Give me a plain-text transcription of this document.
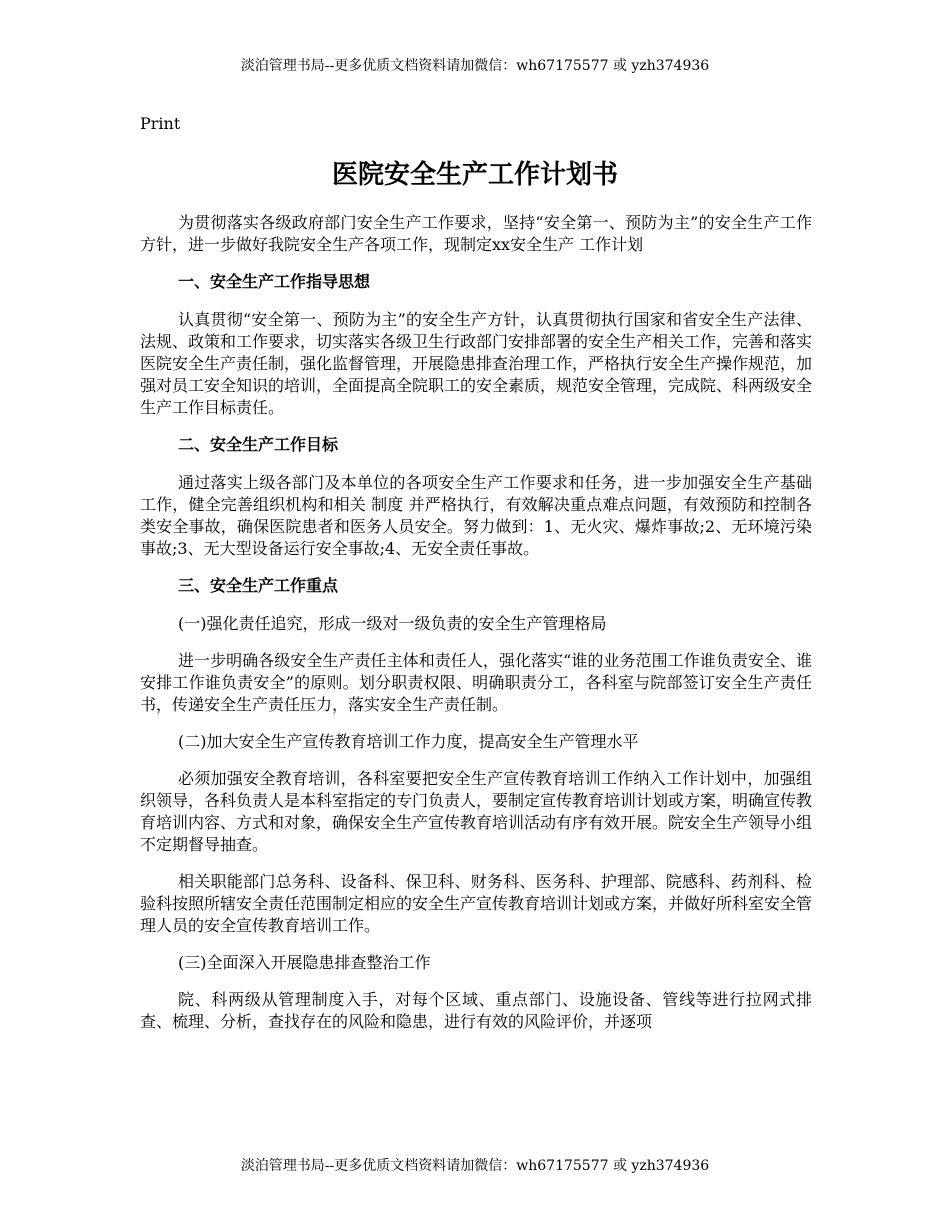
淡泊管理书局--更多优质文档资料请加微信：wh67175577 或 yzh374936
Print
医院安全生产工作计划书

为贯彻落实各级政府部门安全生产工作要求，坚持“安全第一、预防为主”的安全生产工作方针，进一步做好我院安全生产各项工作，现制定xx安全生产 工作计划

一、安全生产工作指导思想

认真贯彻“安全第一、预防为主”的安全生产方针，认真贯彻执行国家和省安全生产法律、法规、政策和工作要求，切实落实各级卫生行政部门安排部署的安全生产相关工作，完善和落实医院安全生产责任制，强化监督管理，开展隐患排查治理工作，严格执行安全生产操作规范，加强对员工安全知识的培训，全面提高全院职工的安全素质，规范安全管理，完成院、科两级安全生产工作目标责任。

二、安全生产工作目标

通过落实上级各部门及本单位的各项安全生产工作要求和任务，进一步加强安全生产基础工作，健全完善组织机构和相关 制度 并严格执行，有效解决重点难点问题，有效预防和控制各类安全事故，确保医院患者和医务人员安全。努力做到：1、无火灾、爆炸事故;2、无环境污染事故;3、无大型设备运行安全事故;4、无安全责任事故。

三、安全生产工作重点

(一)强化责任追究，形成一级对一级负责的安全生产管理格局

进一步明确各级安全生产责任主体和责任人，强化落实“谁的业务范围工作谁负责安全、谁安排工作谁负责安全”的原则。划分职责权限、明确职责分工，各科室与院部签订安全生产责任书，传递安全生产责任压力，落实安全生产责任制。

(二)加大安全生产宣传教育培训工作力度，提高安全生产管理水平

必须加强安全教育培训，各科室要把安全生产宣传教育培训工作纳入工作计划中，加强组织领导，各科负责人是本科室指定的专门负责人，要制定宣传教育培训计划或方案，明确宣传教育培训内容、方式和对象，确保安全生产宣传教育培训活动有序有效开展。院安全生产领导小组不定期督导抽查。

相关职能部门总务科、设备科、保卫科、财务科、医务科、护理部、院感科、药剂科、检验科按照所辖安全责任范围制定相应的安全生产宣传教育培训计划或方案，并做好所科室安全管理人员的安全宣传教育培训工作。

(三)全面深入开展隐患排查整治工作

院、科两级从管理制度入手，对每个区域、重点部门、设施设备、管线等进行拉网式排查、梳理、分析，查找存在的风险和隐患，进行有效的风险评价，并逐项

淡泊管理书局--更多优质文档资料请加微信：wh67175577 或 yzh374936
